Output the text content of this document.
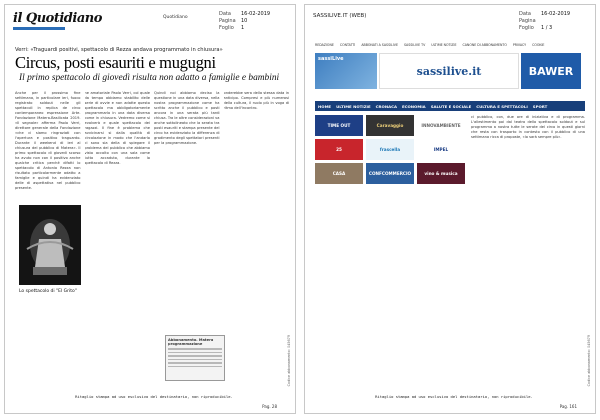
il Quotidiano	Quotidiano
Data	16-02-2019
Pagina	10
Foglio	1
Verri: «Traguardi positivi, spettacolo di Rezza andava programmato in chiusura»
Circus, posti esauriti e mugugni
Il primo spettacolo di giovedì risulta non adatto a famiglie e bambini
Anche per il prossimo fine settimana, in particolare ieri, fuoco registrato soldout nelle gli spettacoli in replica de circo contemporaneo espressione Arte. Fondazione Matera-Basilicata 2019. «Il segnale» afferma Paolo Verri, direttore generale della Fondazione «che ci siamo ringraziati con l'apertura e positivo traguardo. Durante il weekend di ieri al chiusura del pubblico di Matera». Il primo spettacolo di giovedì scorso ha avuto non con il positivo anche qualche critica perché difatti lo spettacolo di Antonio Rezza non risultato particolarmente adatto a famiglie e quindi ha evidenziato delle di aspettativa nel pubblico presente.
ne amatoriale Paolo Verri, col quale da tempo abbiamo stabilito delle serie di ovvie e non adatte questo spettacolo ma obbligatoriamente programmarlo in una data diversa come in chiusura. Vedremo come si evolverà e quale spettacolo dei ragazzi. Il fine è problema che avvicinarsi si dalla qualità di circolazione in modo che l'andarlo ci sono sia della di spiegare il problema del pubblico che abbiamo visto accolto con una sala come tutto accaduto, durante lo spettacolo di Rezza.
Quindi noi abbiamo deciso la questione in una data diversa, nella nostra programmazione come ha scritto anche il pubblico e posti ancora in una serata più tardi chiusa. Tra le altre considerazioni va anche sottolineato che la serata tra posti esauriti e stampa presente del circo ha evidenziato la differenza di gradimento degli spettatori presenti per la programmazione.
onderebbe sera della stessa data in anticipo. Compresi e più numerosi della cultura, il ruolo più in voga di ritmo dell'incontro.
Lo spettacolo di "El Grito"
Abbonamento. Matera programmazione	Codice abbonamento: 045679
Ritaglio stampa ad uso esclusivo del destinatario, non riproducibile.
Pag. 28
SASSILIVE.IT (WEB)	Data	16-02-2019
Pagina
Foglio	1 / 3
REDAZIONE CONTATTI ABBONATI A SASSILIVE SASSILIVE TV ULTIME NOTIZIE CANONE DI ABBONAMENTO PRIVACY COOKIE
sassiLive
sassilive.it	BAWER
HOME ULTIME NOTIZIE CRONACA ECONOMIA SALUTE E SOCIALE CULTURA E SPETTACOLI SPORT
TIME OUT	Caravaggio	INNOVAMBIENTE
25	frascella	IMPEL
CASA	CONFCOMMERCIO	vino & musica
ci pubblico, con, due ore di iniziativa e di programma. L'allestimento poi dal teatro dello spettacolo soldout e sul programma a nostra tutte le serate del circo in questi giorni che resta con trasporto in contesto con il pubblico di una settimana ricca di proposte, «lo sarà sempre più».
Codice abbonamento: 045679
Ritaglio stampa ad uso esclusivo del destinatario, non riproducibile.
Pag. 161
